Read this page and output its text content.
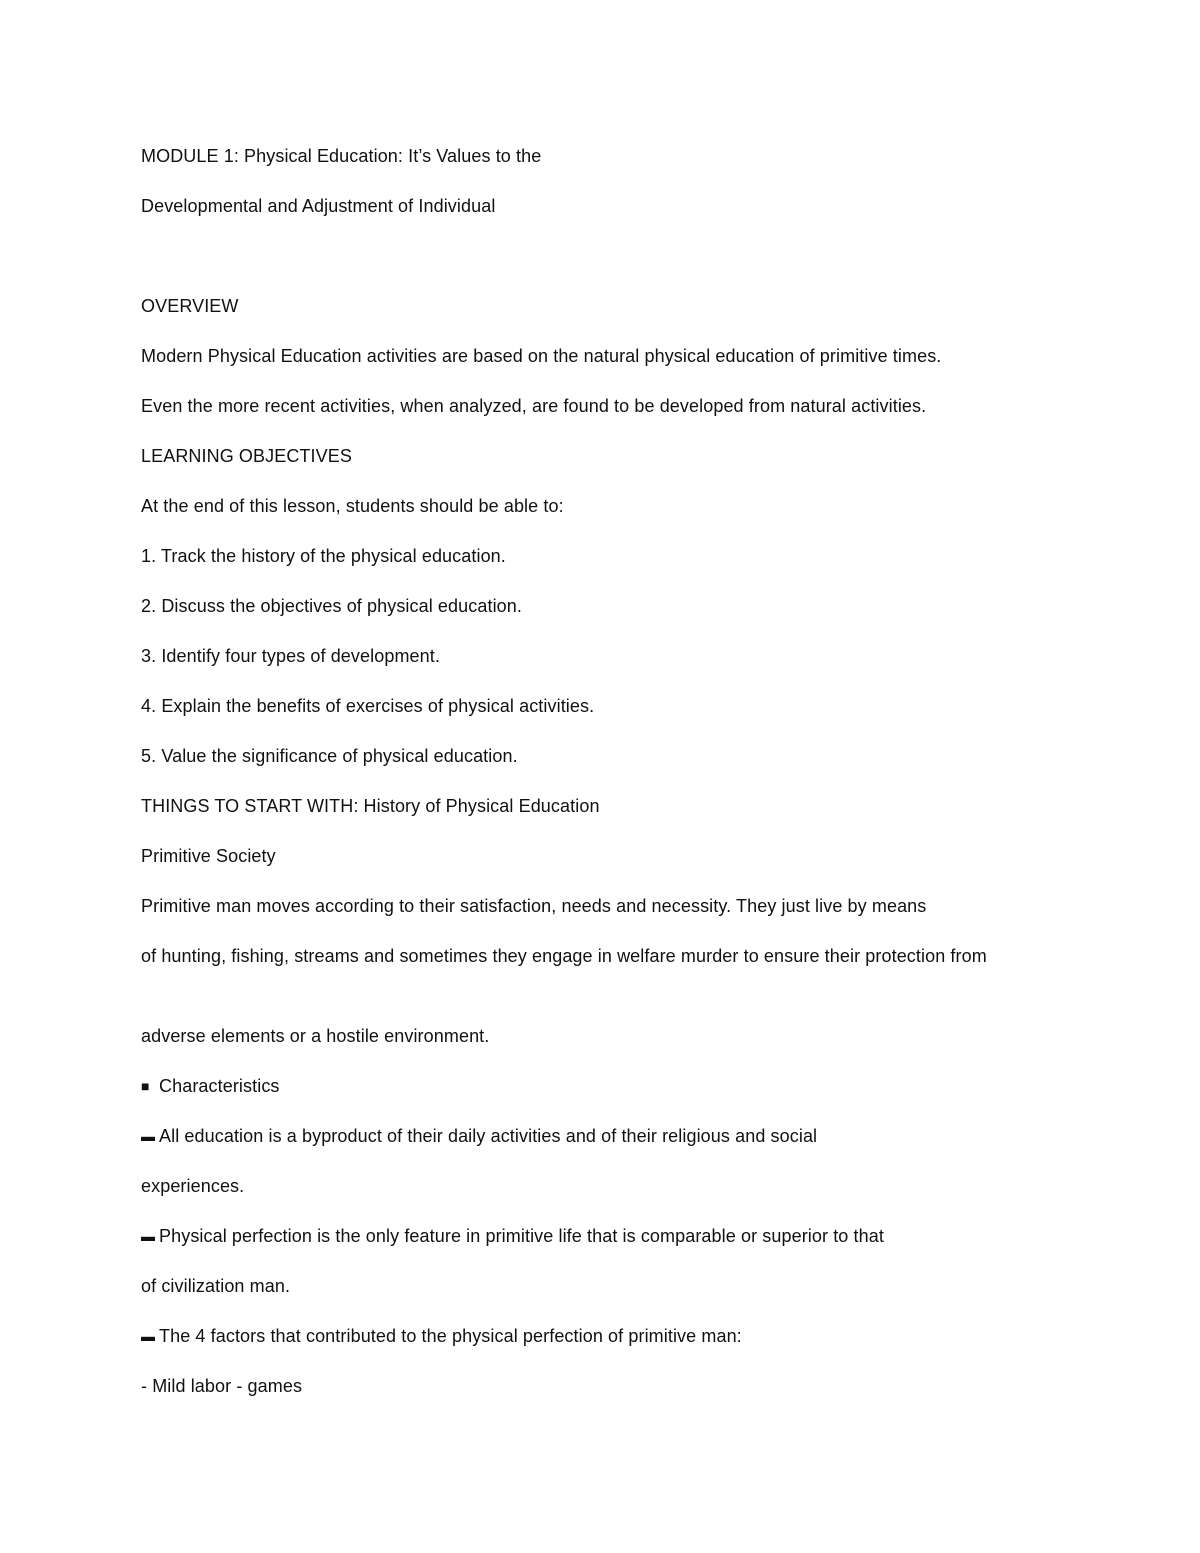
MODULE 1: Physical Education: It’s Values to the
Developmental and Adjustment of Individual
OVERVIEW
Modern Physical Education activities are based on the natural physical education of primitive times.
Even the more recent activities, when analyzed, are found to be developed from natural activities.
LEARNING OBJECTIVES
At the end of this lesson, students should be able to:
1. Track the history of the physical education.
2. Discuss the objectives of physical education.
3. Identify four types of development.
4. Explain the benefits of exercises of physical activities.
5. Value the significance of physical education.
THINGS TO START WITH: History of Physical Education
Primitive Society
Primitive man moves according to their satisfaction, needs and necessity. They just live by means
of hunting, fishing, streams and sometimes they engage in welfare murder to ensure their protection from
adverse elements or a hostile environment.
■ Characteristics
▬ All education is a byproduct of their daily activities and of their religious and social
experiences.
▬ Physical perfection is the only feature in primitive life that is comparable or superior to that
of civilization man.
▬ The 4 factors that contributed to the physical perfection of primitive man:
- Mild labor - games
